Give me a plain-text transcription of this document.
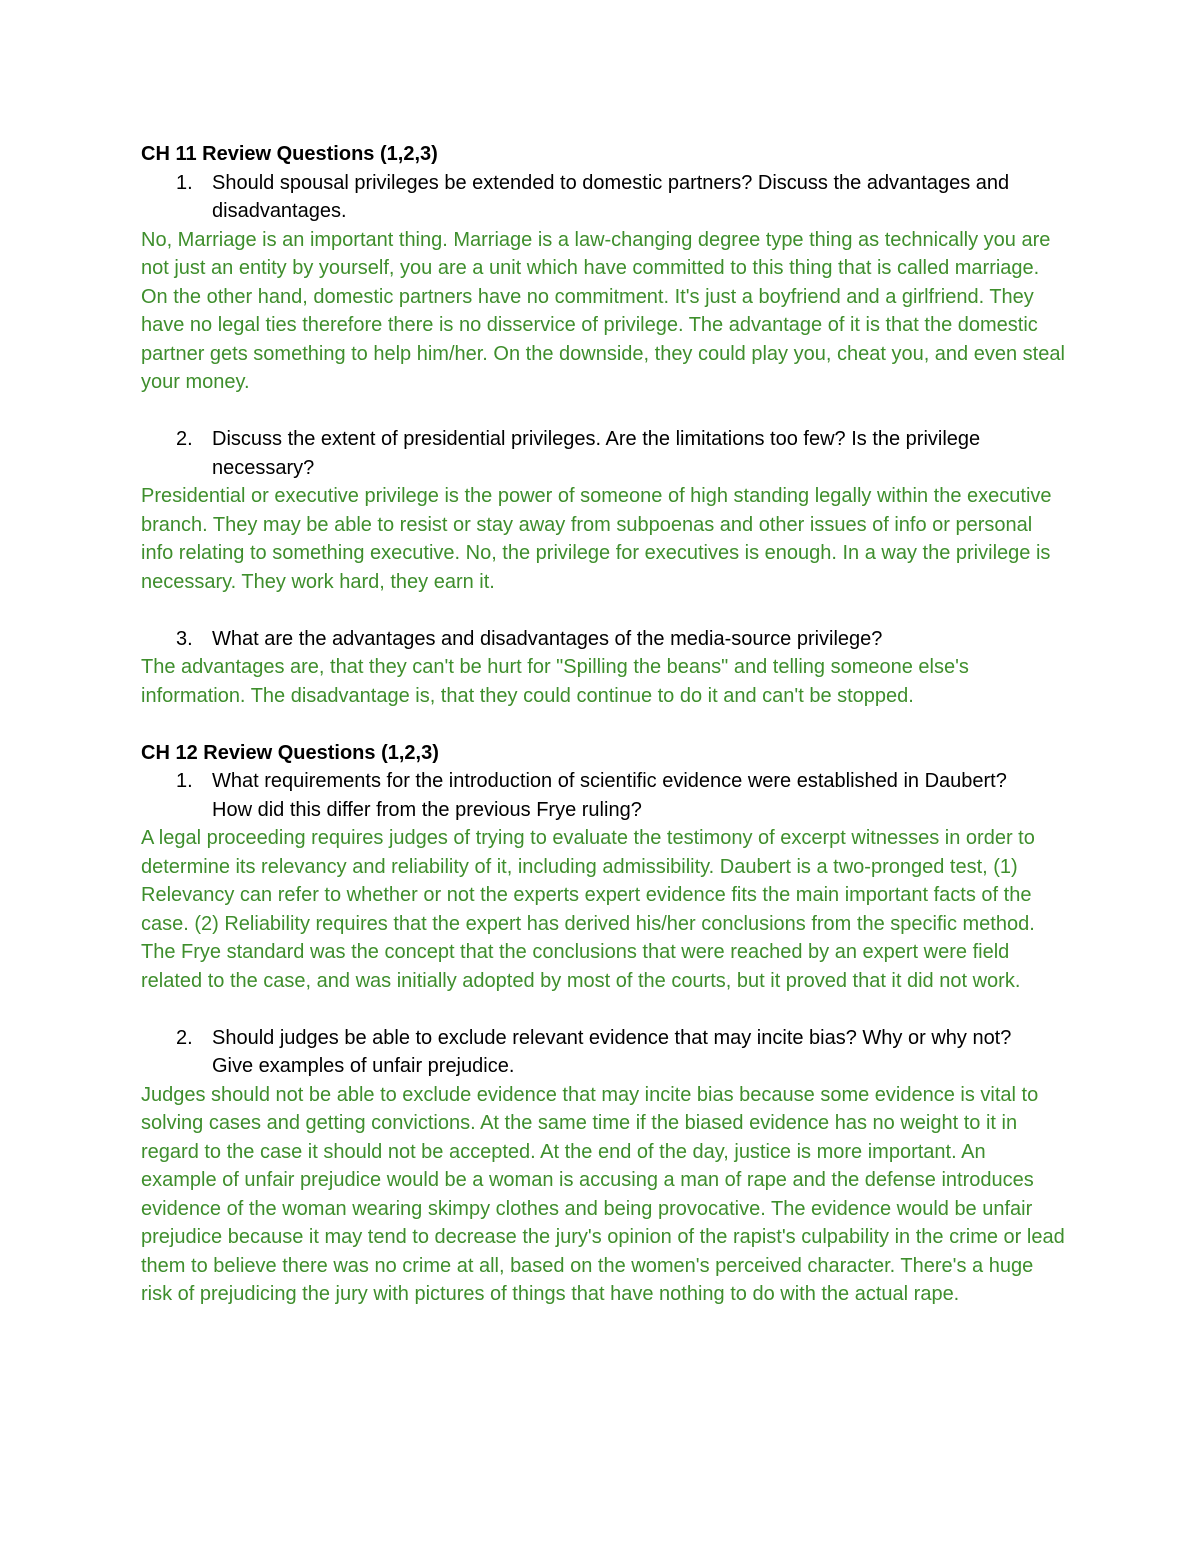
CH 11 Review Questions (1,2,3)

1. Should spousal privileges be extended to domestic partners? Discuss the advantages and disadvantages.

No, Marriage is an important thing. Marriage is a law-changing degree type thing as technically you are not just an entity by yourself, you are a unit which have committed to this thing that is called marriage. On the other hand, domestic partners have no commitment. It's just a boyfriend and a girlfriend. They have no legal ties therefore there is no disservice of privilege. The advantage of it is that the domestic partner gets something to help him/her. On the downside, they could play you, cheat you, and even steal your money.

2. Discuss the extent of presidential privileges. Are the limitations too few? Is the privilege necessary?

Presidential or executive privilege is the power of someone of high standing legally within the executive branch. They may be able to resist or stay away from subpoenas and other issues of info or personal info relating to something executive. No, the privilege for executives is enough. In a way the privilege is necessary. They work hard, they earn it.

3. What are the advantages and disadvantages of the media-source privilege?

The advantages are, that they can't be hurt for "Spilling the beans" and telling someone else's information. The disadvantage is, that they could continue to do it and can't be stopped.

CH 12 Review Questions (1,2,3)

1. What requirements for the introduction of scientific evidence were established in Daubert? How did this differ from the previous Frye ruling?

A legal proceeding requires judges of trying to evaluate the testimony of excerpt witnesses in order to determine its relevancy and reliability of it, including admissibility. Daubert is a two-pronged test, (1) Relevancy can refer to whether or not the experts expert evidence fits the main important facts of the case. (2) Reliability requires that the expert has derived his/her conclusions from the specific method. The Frye standard was the concept that the conclusions that were reached by an expert were field related to the case, and was initially adopted by most of the courts, but it proved that it did not work.

2. Should judges be able to exclude relevant evidence that may incite bias? Why or why not? Give examples of unfair prejudice.

Judges should not be able to exclude evidence that may incite bias because some evidence is vital to solving cases and getting convictions. At the same time if the biased evidence has no weight to it in regard to the case it should not be accepted. At the end of the day, justice is more important. An example of unfair prejudice would be a woman is accusing a man of rape and the defense introduces evidence of the woman wearing skimpy clothes and being provocative. The evidence would be unfair prejudice because it may tend to decrease the jury's opinion of the rapist's culpability in the crime or lead them to believe there was no crime at all, based on the women's perceived character. There's a huge risk of prejudicing the jury with pictures of things that have nothing to do with the actual rape.
